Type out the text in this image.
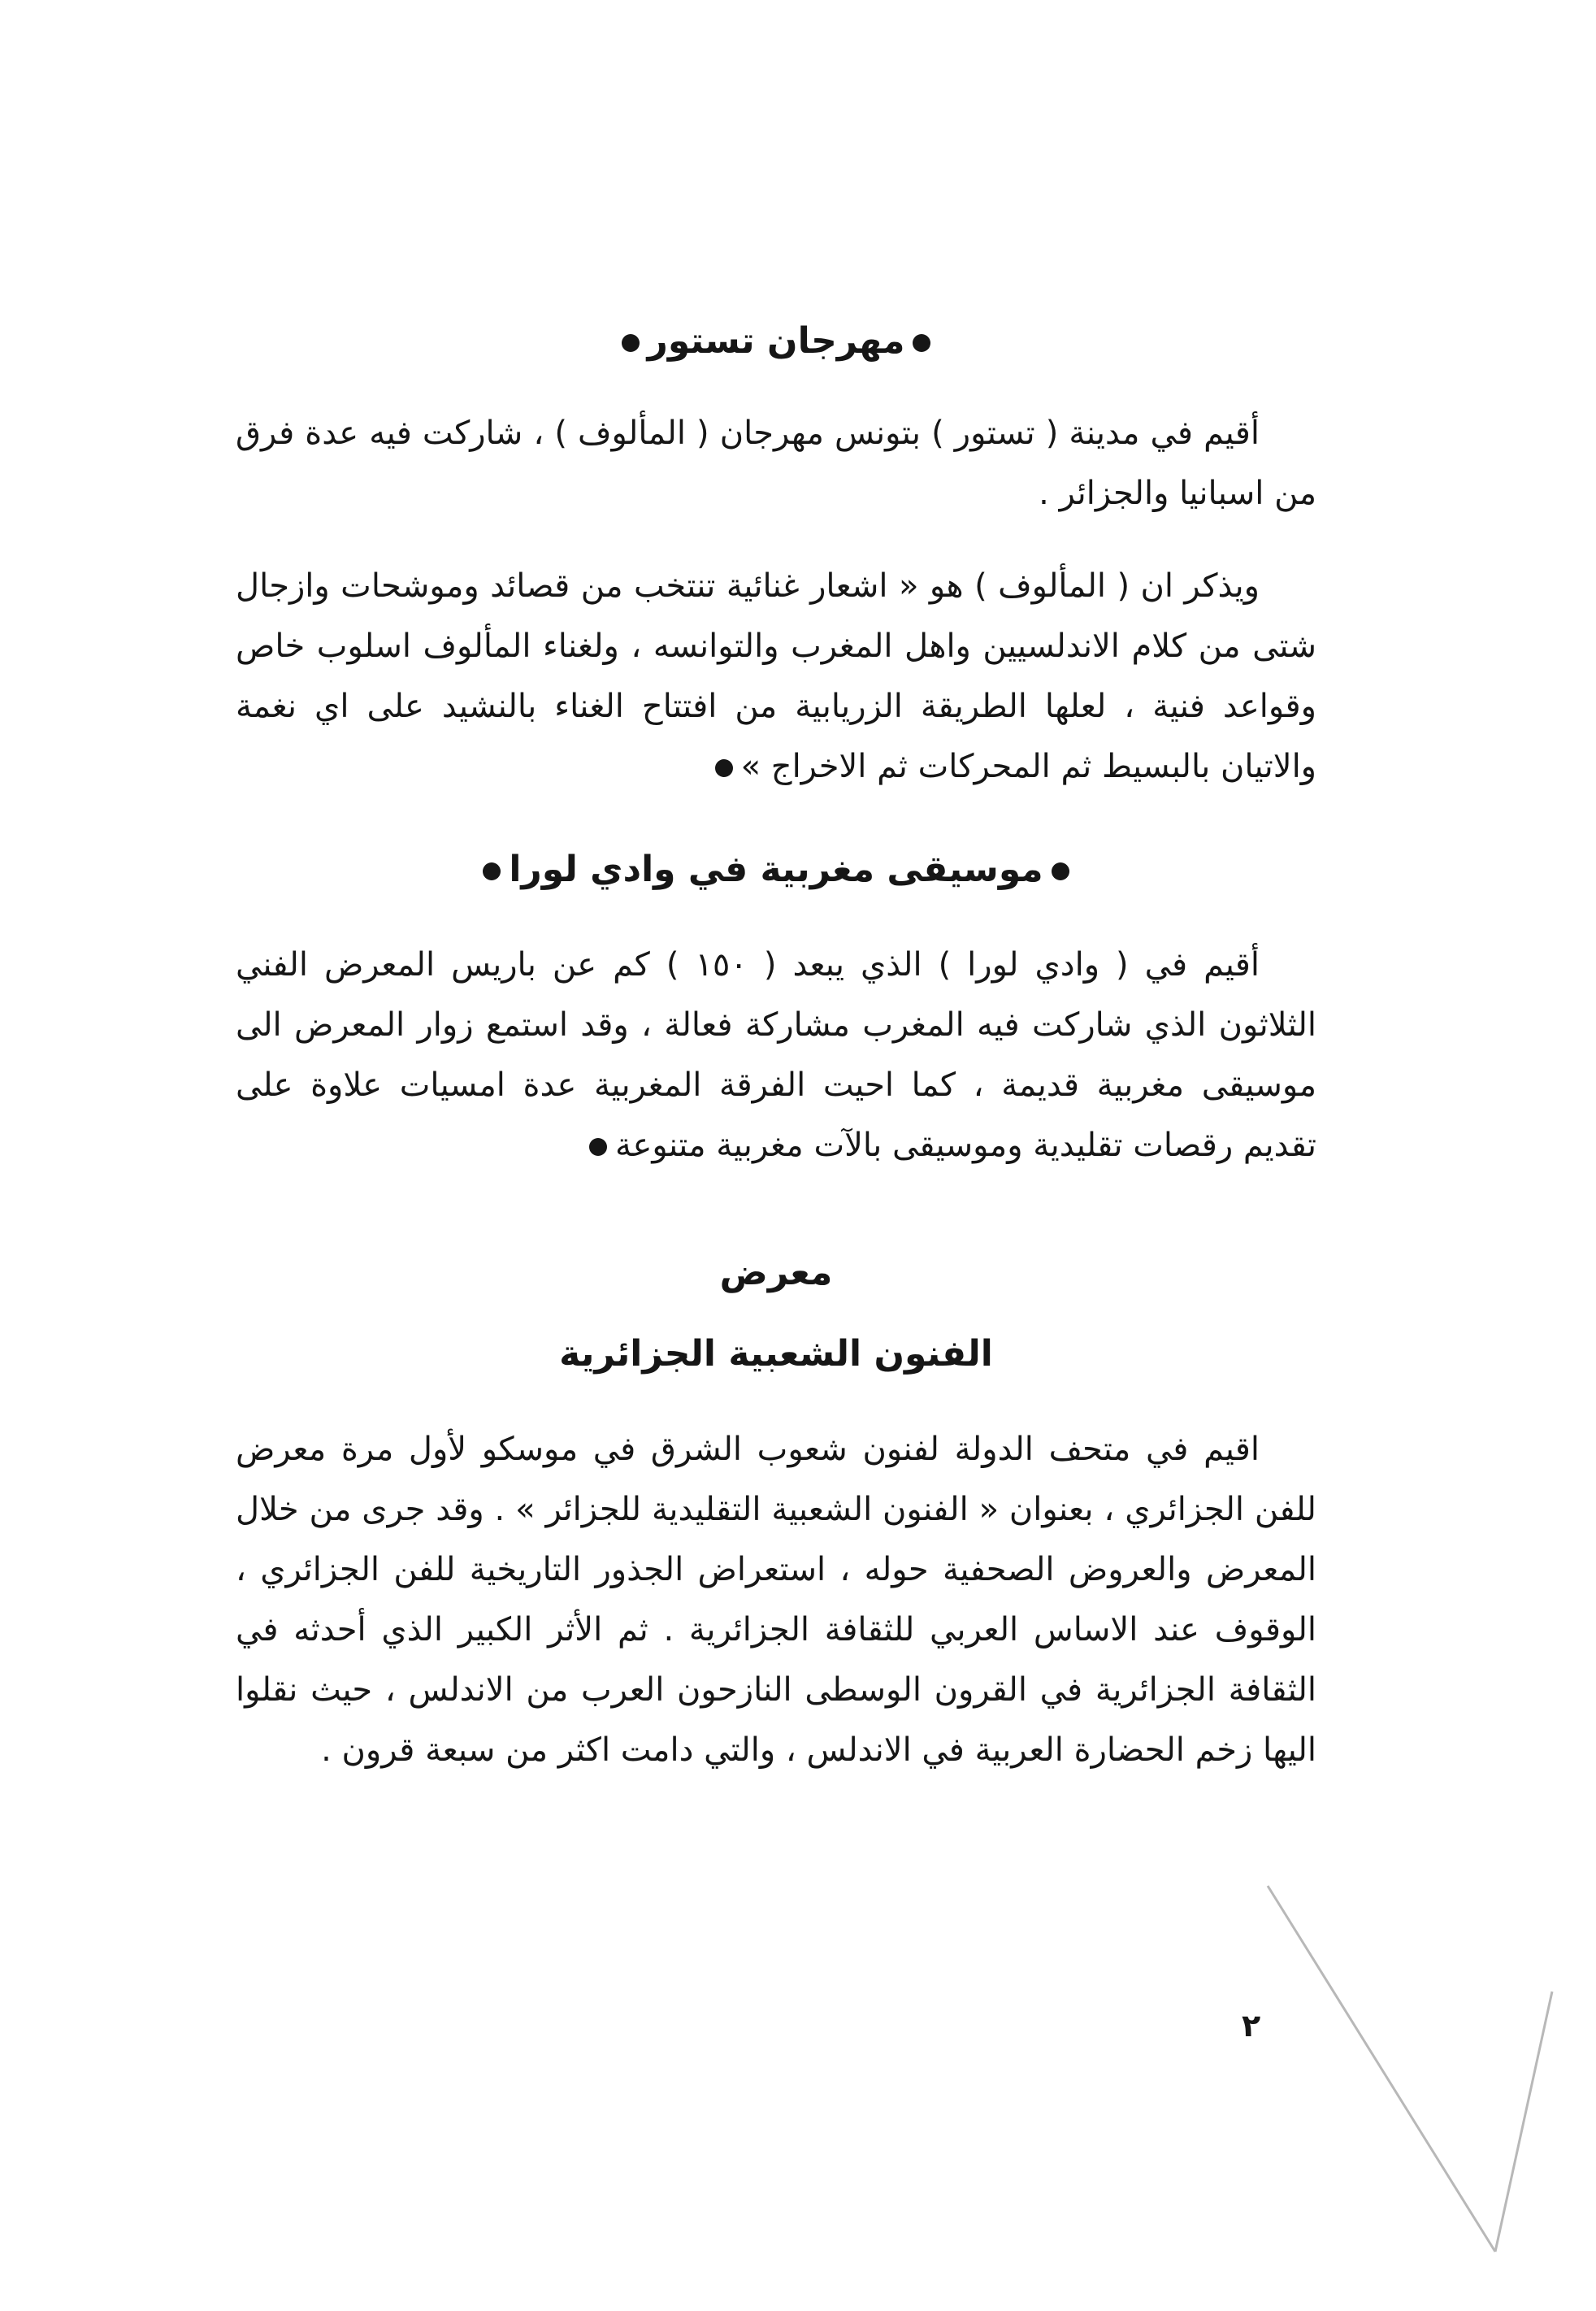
مهرجان تستور

أقيم في مدينة ( تستور ) بتونس مهرجان ( المألوف ) ، شاركت فيه عدة فرق من اسبانيا والجزائر .

ويذكر ان ( المألوف ) هو « اشعار غنائية تنتخب من قصائد وموشحات وازجال شتى من كلام الاندلسيين واهل المغرب والتوانسه ، ولغناء المألوف اسلوب خاص وقواعد فنية ، لعلها الطريقة الزريابية من افتتاح الغناء بالنشيد على اي نغمة والاتيان بالبسيط ثم المحركات ثم الاخراج »

موسيقى مغربية في وادي لورا

أقيم في ( وادي لورا ) الذي يبعد ( ١٥٠ ) كم عن باريس المعرض الفني الثلاثون الذي شاركت فيه المغرب مشاركة فعالة ، وقد استمع زوار المعرض الى موسيقى مغربية قديمة ، كما احيت الفرقة المغربية عدة امسيات علاوة على تقديم رقصات تقليدية وموسيقى بالآت مغربية متنوعة

معرض
الفنون الشعبية الجزائرية

اقيم في متحف الدولة لفنون شعوب الشرق في موسكو لأول مرة معرض للفن الجزائري ، بعنوان « الفنون الشعبية التقليدية للجزائر » . وقد جرى من خلال المعرض والعروض الصحفية حوله ، استعراض الجذور التاريخية للفن الجزائري ، الوقوف عند الاساس العربي للثقافة الجزائرية . ثم الأثر الكبير الذي أحدثه في الثقافة الجزائرية في القرون الوسطى النازحون العرب من الاندلس ، حيث نقلوا اليها زخم الحضارة العربية في الاندلس ، والتي دامت اكثر من سبعة قرون .

٢
